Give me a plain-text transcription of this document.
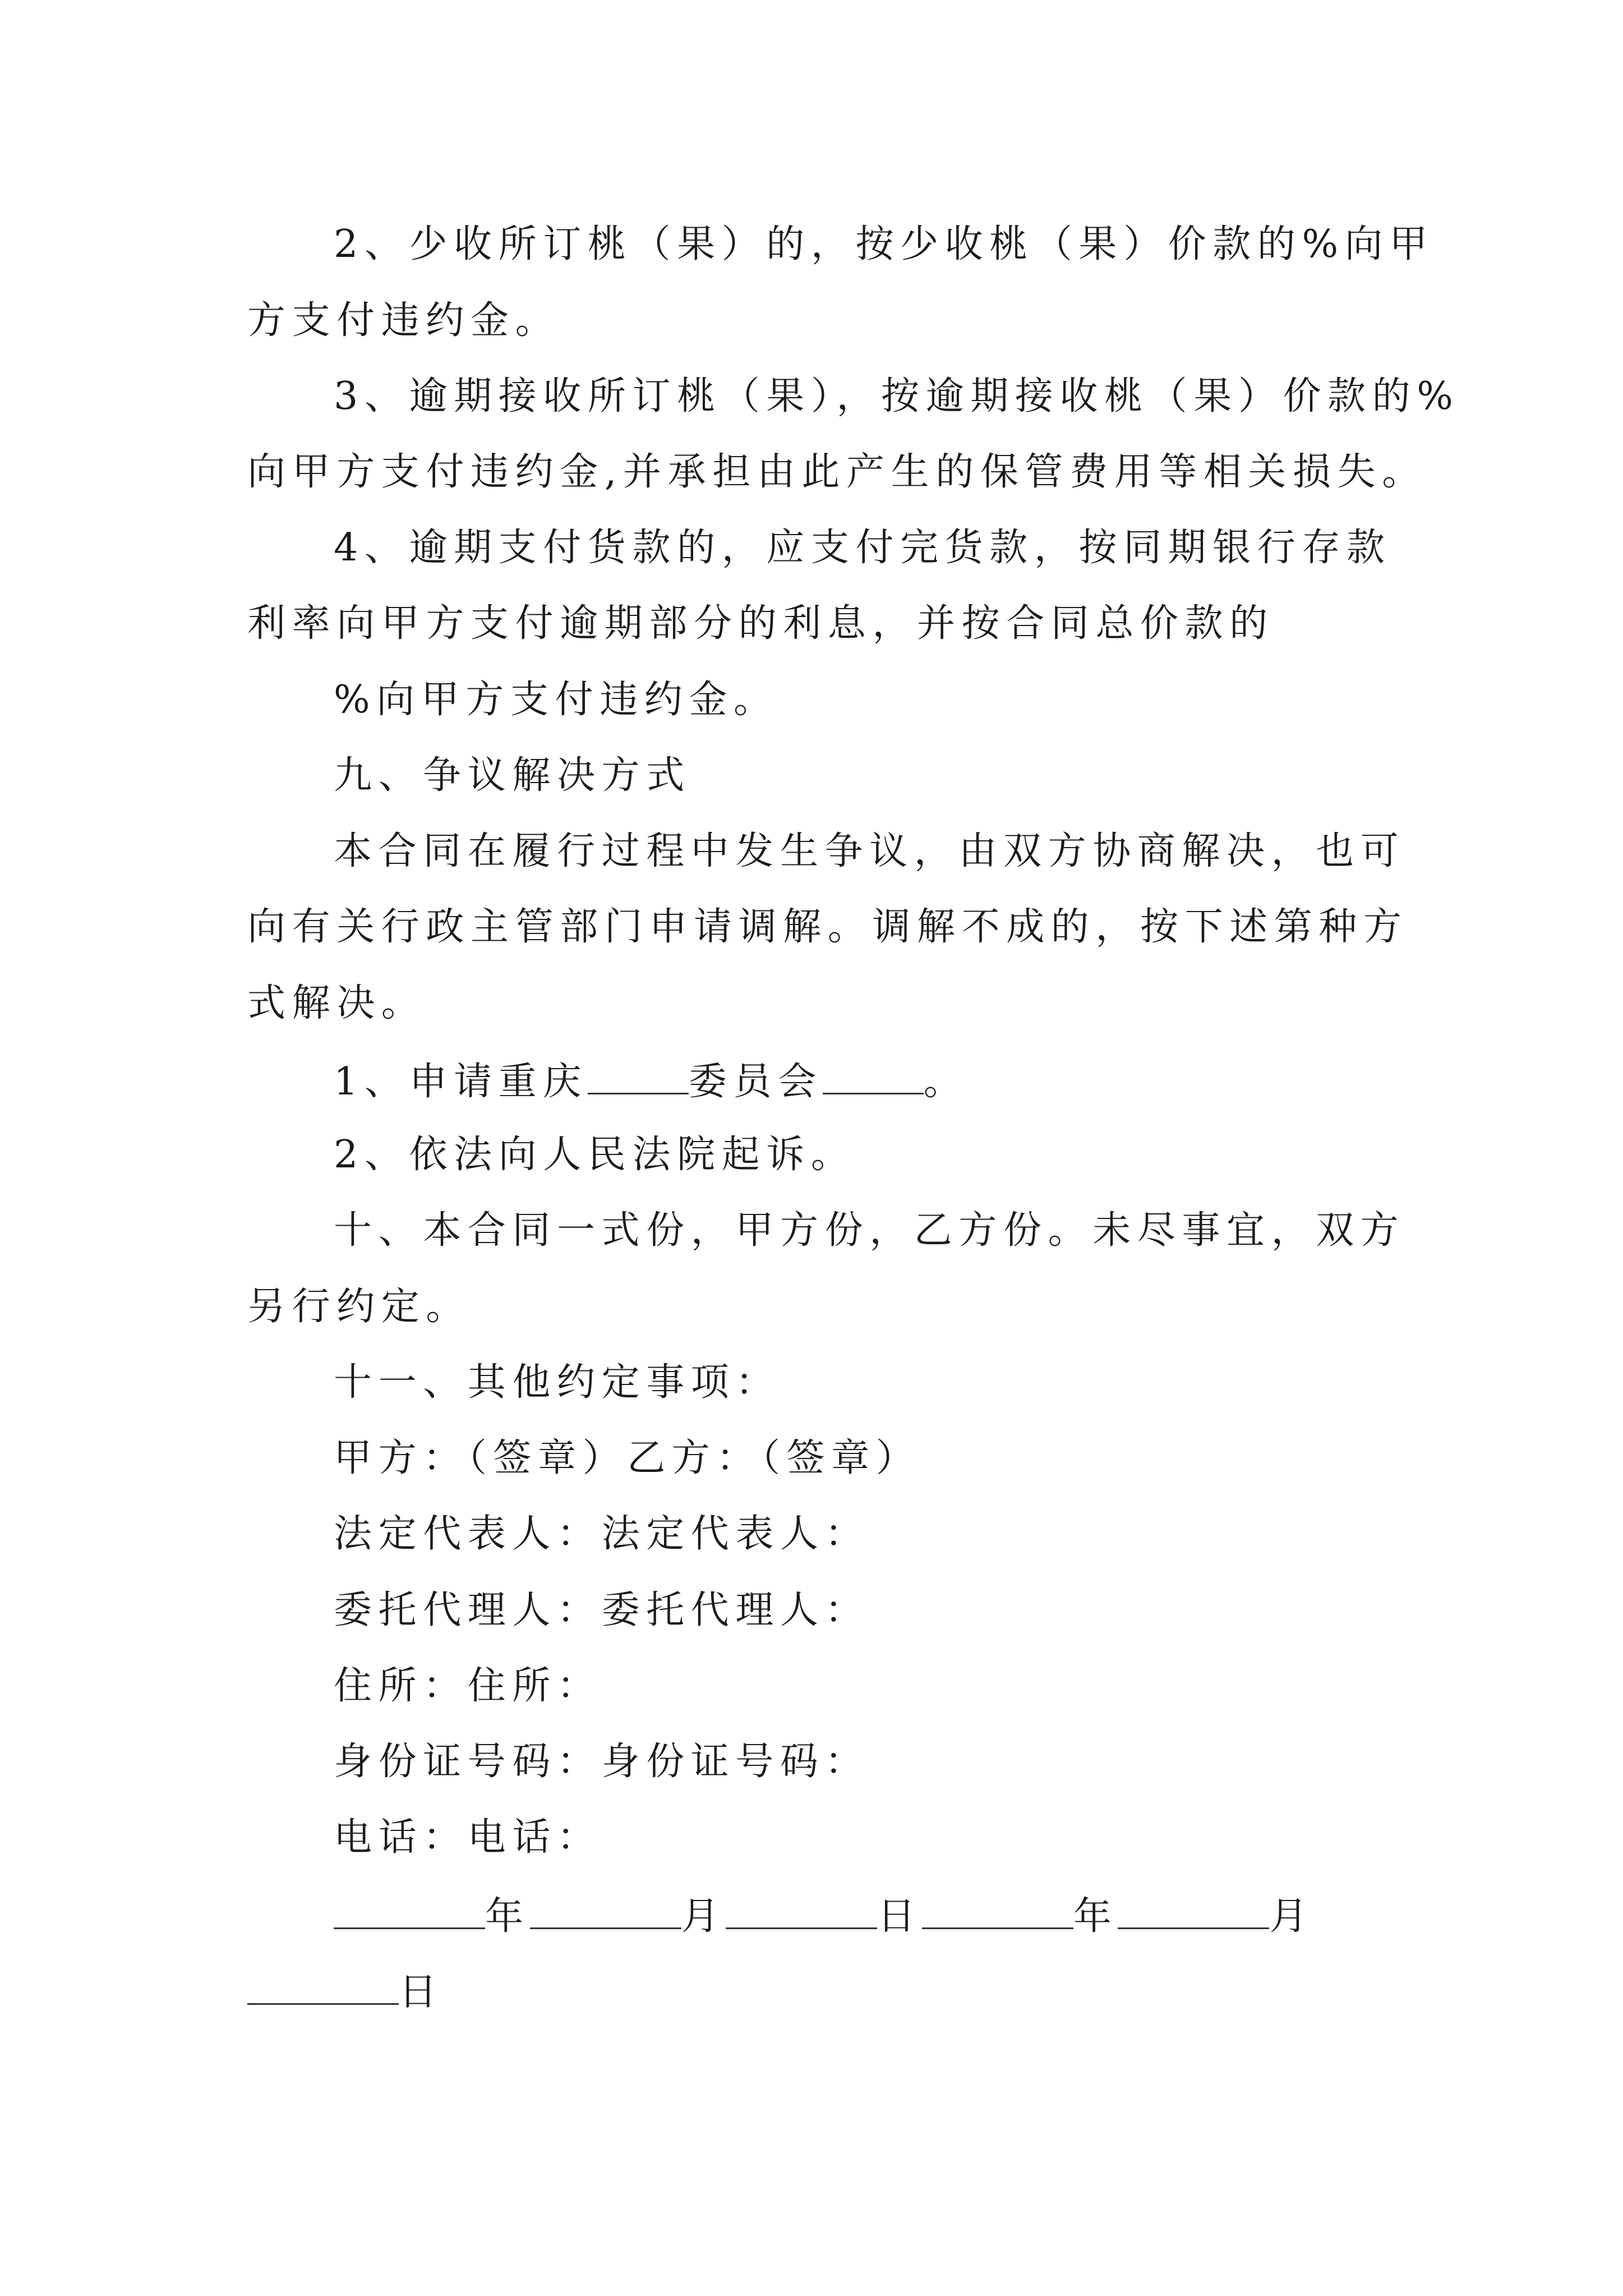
2、少收所订桃（果）的，按少收桃（果）价款的%向甲
方支付违约金。
3、逾期接收所订桃（果），按逾期接收桃（果）价款的%
向甲方支付违约金,并承担由此产生的保管费用等相关损失。
4、逾期支付货款的，应支付完货款，按同期银行存款
利率向甲方支付逾期部分的利息，并按合同总价款的
%向甲方支付违约金。
九、争议解决方式
本合同在履行过程中发生争议，由双方协商解决，也可
向有关行政主管部门申请调解。调解不成的，按下述第种方
式解决。
1、申请重庆	委员会	。
2、依法向人民法院起诉。
十、本合同一式份，甲方份，乙方份。未尽事宜，双方
另行约定。
十一、其他约定事项：
甲方：（签章）乙方：（签章）
法定代表人：法定代表人：
委托代理人：委托代理人：
住所：住所：
身份证号码：身份证号码：
电话：电话：
年	月	日	年	月
日
